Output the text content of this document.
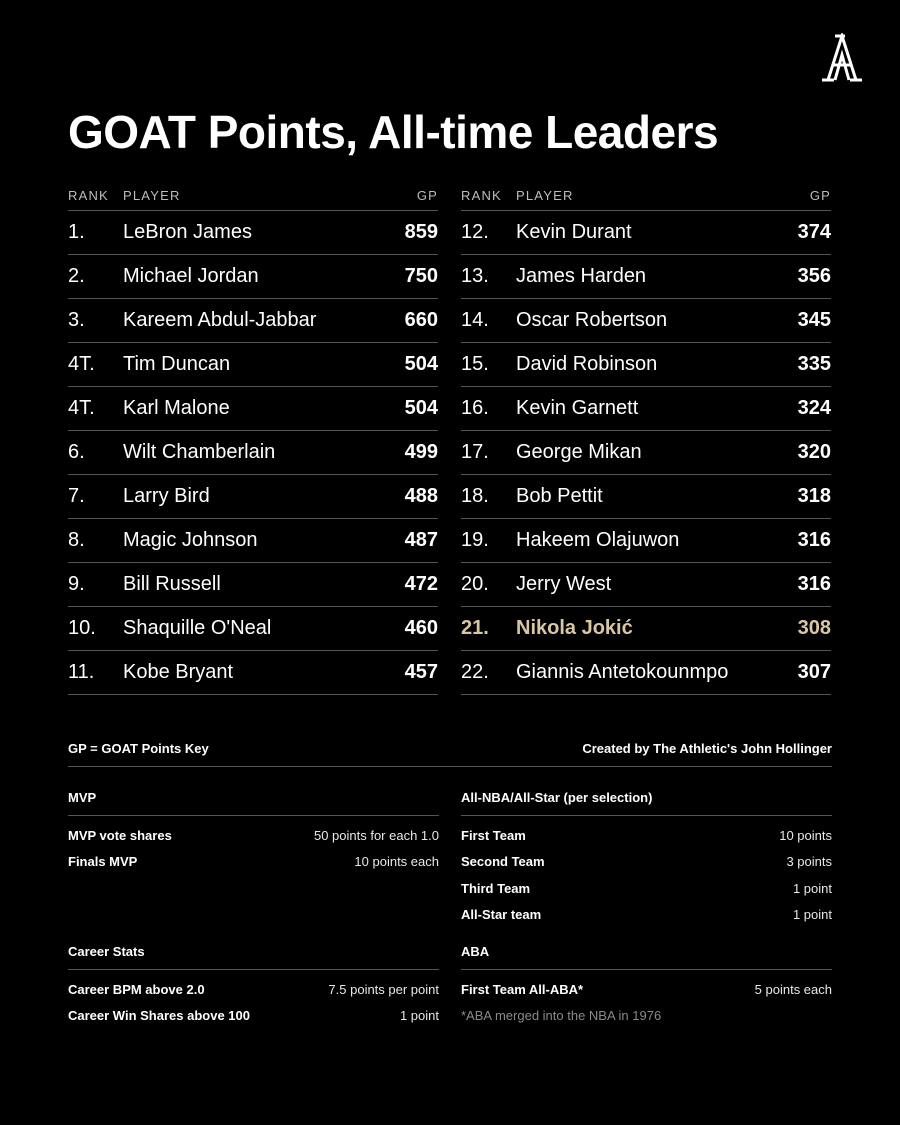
GOAT Points, All-time Leaders
RANK	PLAYER	GP
1.	LeBron James	859
2.	Michael Jordan	750
3.	Kareem Abdul-Jabbar	660
4T.	Tim Duncan	504
4T.	Karl Malone	504
6.	Wilt Chamberlain	499
7.	Larry Bird	488
8.	Magic Johnson	487
9.	Bill Russell	472
10.	Shaquille O'Neal	460
11.	Kobe Bryant	457
RANK	PLAYER	GP
12.	Kevin Durant	374
13.	James Harden	356
14.	Oscar Robertson	345
15.	David Robinson	335
16.	Kevin Garnett	324
17.	George Mikan	320
18.	Bob Pettit	318
19.	Hakeem Olajuwon	316
20.	Jerry West	316
21.	Nikola Jokić	308
22.	Giannis Antetokounmpo	307
GP = GOAT Points Key	Created by The Athletic's John Hollinger
MVP
MVP vote shares	50 points for each 1.0
Finals MVP	10 points each
All-NBA/All-Star (per selection)
First Team	10 points
Second Team	3 points
Third Team	1 point
All-Star team	1 point
Career Stats
Career BPM above 2.0	7.5 points per point
Career Win Shares above 100	1 point
ABA
First Team All-ABA*	5 points each
*ABA merged into the NBA in 1976
